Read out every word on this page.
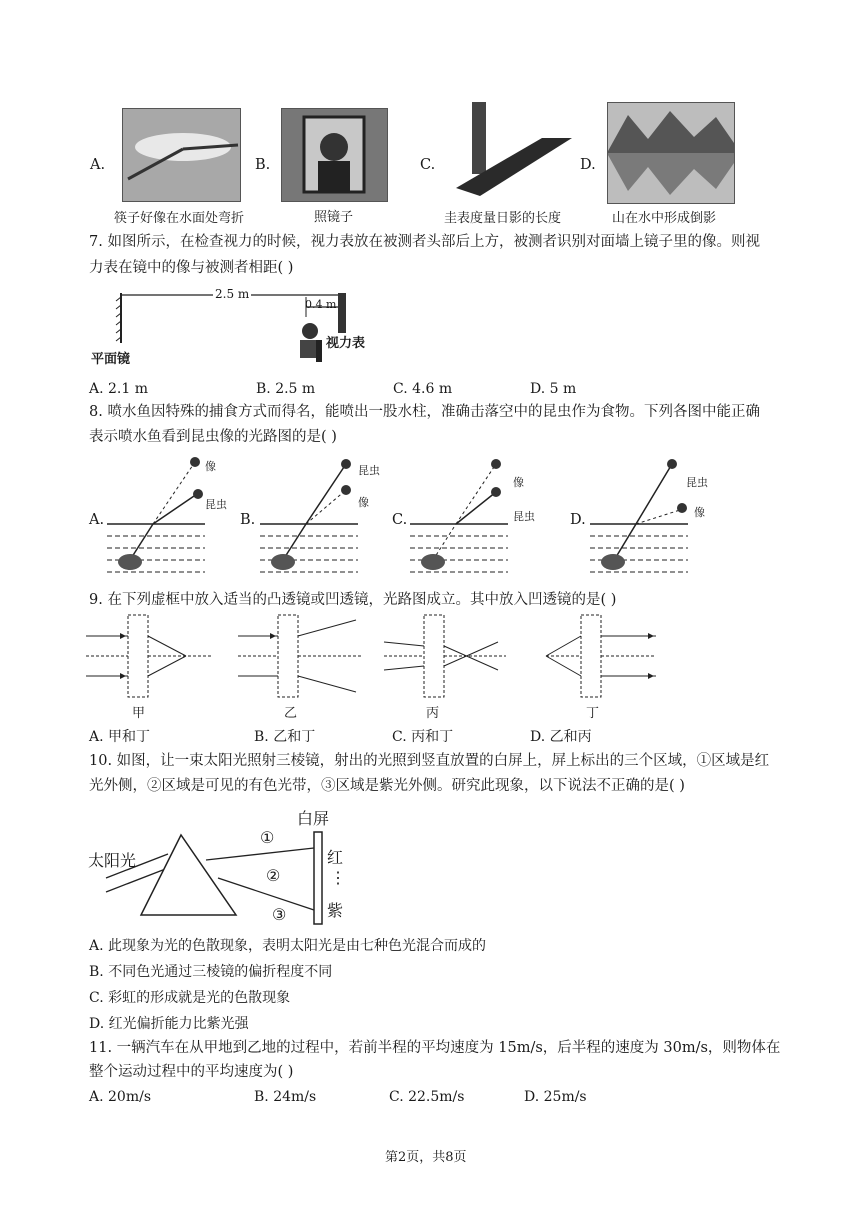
A.
筷子好像在水面处弯折
B.
照镜子
C.
圭表度量日影的长度
D.
山在水中形成倒影
7. 如图所示，在检查视力的时候，视力表放在被测者头部后上方，被测者识别对面墙上镜子里的像。则视
力表在镜中的像与被测者相距( )
2.5 m
0.4 m
平面镜
视力表
A. 2.1 m	B. 2.5 m	C. 4.6 m	D. 5 m
8. 喷水鱼因特殊的捕食方式而得名，能喷出一股水柱，准确击落空中的昆虫作为食物。下列各图中能正确
表示喷水鱼看到昆虫像的光路图的是( )
A.
像
昆虫
B.
昆虫
像
C.
像
昆虫 D.
昆虫
像
9. 在下列虚框中放入适当的凸透镜或凹透镜，光路图成立。其中放入凹透镜的是( )
甲	乙	丙	丁
A. 甲和丁	B. 乙和丁	C. 丙和丁	D. 乙和丙
10. 如图，让一束太阳光照射三棱镜，射出的光照到竖直放置的白屏上，屏上标出的三个区域，①区域是红
光外侧，②区域是可见的有色光带，③区域是紫光外侧。研究此现象，以下说法不正确的是( )
白屏
太阳光
①
②
③
红
⋮
紫
A. 此现象为光的色散现象，表明太阳光是由七种色光混合而成的
B. 不同色光通过三棱镜的偏折程度不同
C. 彩虹的形成就是光的色散现象
D. 红光偏折能力比紫光强
11. 一辆汽车在从甲地到乙地的过程中，若前半程的平均速度为 15m/s，后半程的速度为 30m/s，则物体在
整个运动过程中的平均速度为( )
A. 20m/s	B. 24m/s	C. 22.5m/s	D. 25m/s
第2页，共8页
